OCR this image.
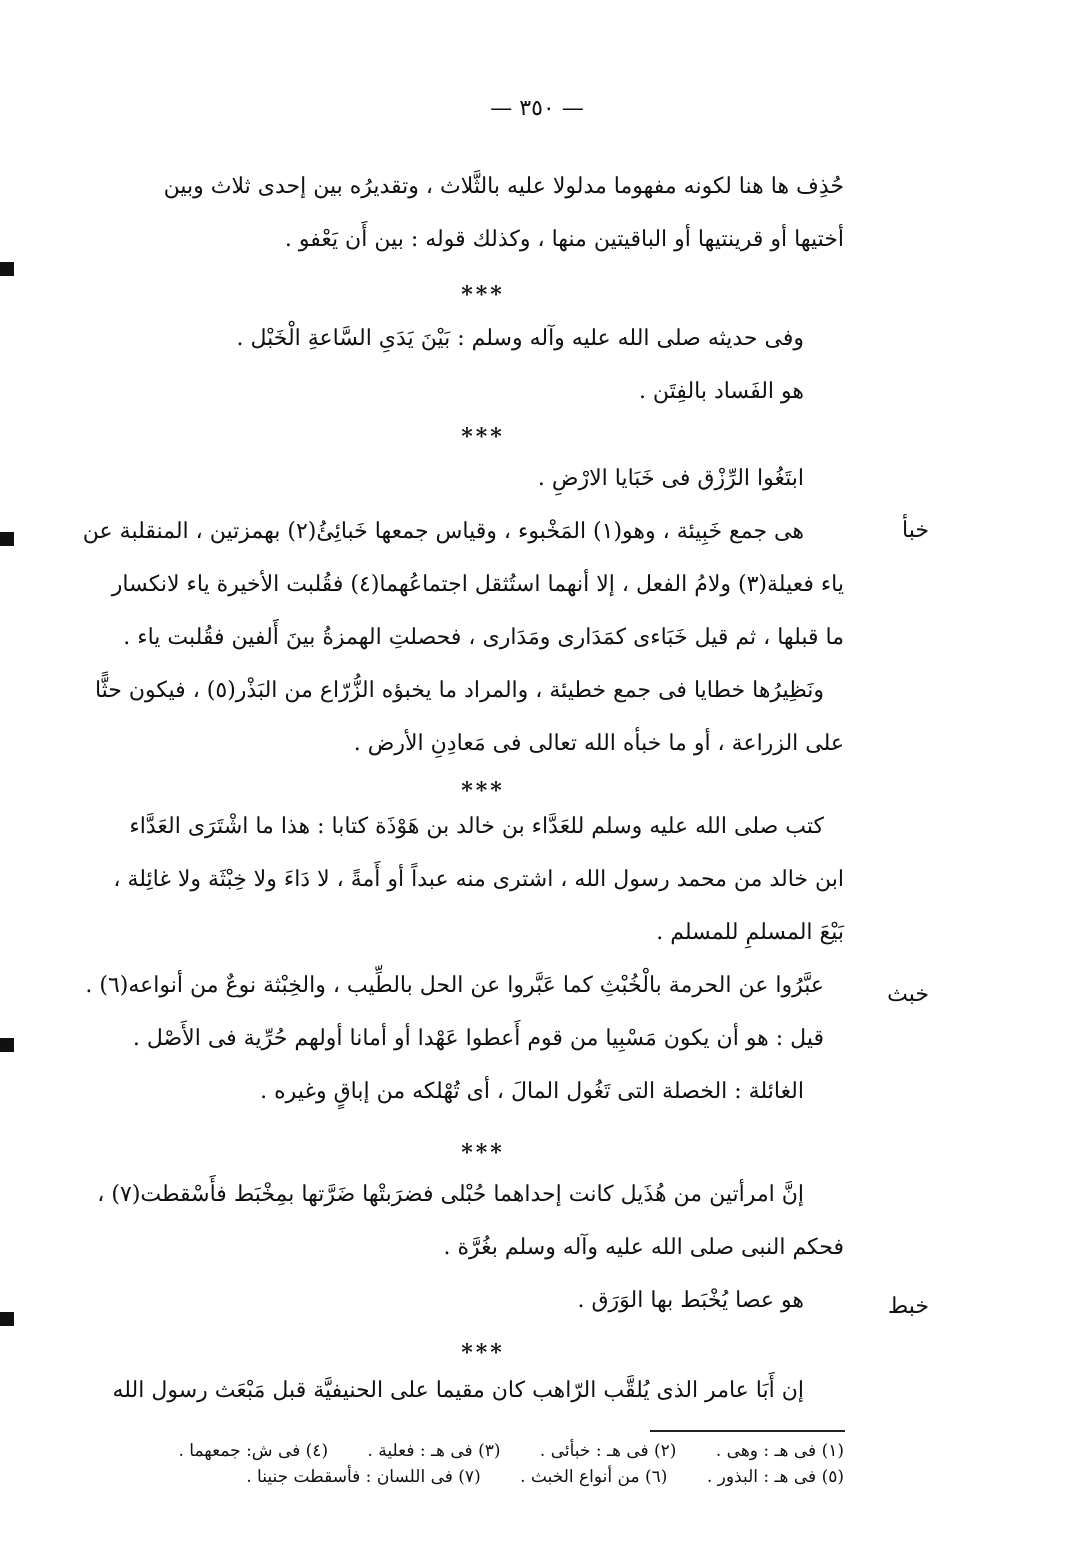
— ٣٥٠ —
حُذِف ها هنا لكونه مفهوما مدلولا عليه بالثَّلاث ، وتقديرُه بين إحدى ثلاث وبين
أختيها أو قرينتيها أو الباقيتين منها ، وكذلك قوله : بين أَن يَعْفو .
***
وفى حديثه صلى الله عليه وآله وسلم : بَيْنَ يَدَىِ السَّاعةِ الْخَبْل .
هو الفَساد بالفِتَن .
***
خبأ
ابتَغُوا الرِّزْق فى خَبَايا الارْضِ .
هى جمع خَبِيئة ، وهو(١) المَخْبوء ، وقياس جمعها خَبائِئُ(٢) بهمزتين ، المنقلبة عن
ياء فعيلة(٣) ولامُ الفعل ، إلا أنهما استُثقل اجتماعُهما(٤) فقُلبت الأخيرة ياء لانكسار
ما قبلها ، ثم قيل خَبَاءى كمَدَارى ومَدَارى ، فحصلتِ الهمزةُ بينَ أَلفين فقُلبت ياء .
ونَظِيرُها خطايا فى جمع خطيئة ، والمراد ما يخبؤه الزُّرّاع من البَذْر(٥) ، فيكون حثًّا
على الزراعة ، أو ما خبأه الله تعالى فى مَعادِنِ الأرض .
***
خبث
كتب صلى الله عليه وسلم للعَدَّاء بن خالد بن هَوْذَة كتابا : هذا ما اشْتَرَى العَدَّاء
ابن خالد من محمد رسول الله ، اشترى منه عبداً أو أَمةً ، لا دَاءَ ولا خِبْثَة ولا غائِلة ،
بَيْعَ المسلمِ للمسلم .
عبَّرُوا عن الحرمة بالْخُبْثِ كما عَبَّروا عن الحل بالطِّيب ، والخِبْثة نوعٌ من أنواعه(٦) .
قيل : هو أن يكون مَسْبِيا من قوم أَعطوا عَهْدا أو أمانا أولهم حُرِّية فى الأَصْل .
الغائلة : الخصلة التى تَغُول المالَ ، أى تُهْلكه من إباقٍ وغيره .
***
خبط
إنَّ امرأتين من هُذَيل كانت إحداهما حُبْلى فضرَبتْها ضَرَّتها بمِخْبَط فأَسْقطت(٧) ،
فحكم النبى صلى الله عليه وآله وسلم بغُرَّة .
هو عصا يُخْبَط بها الوَرَق .
***
إن أَبَا عامر الذى يُلقَّب الرّاهب كان مقيما على الحنيفيَّة قبل مَبْعَث رسول الله
(١) فى هـ : وهى . (٢) فى هـ : خبأئى . (٣) فى هـ : فعلية . (٤) فى ش: جمعهما .
(٥) فى هـ : البذور . (٦) من أنواع الخبث . (٧) فى اللسان : فأسقطت جنينا .
